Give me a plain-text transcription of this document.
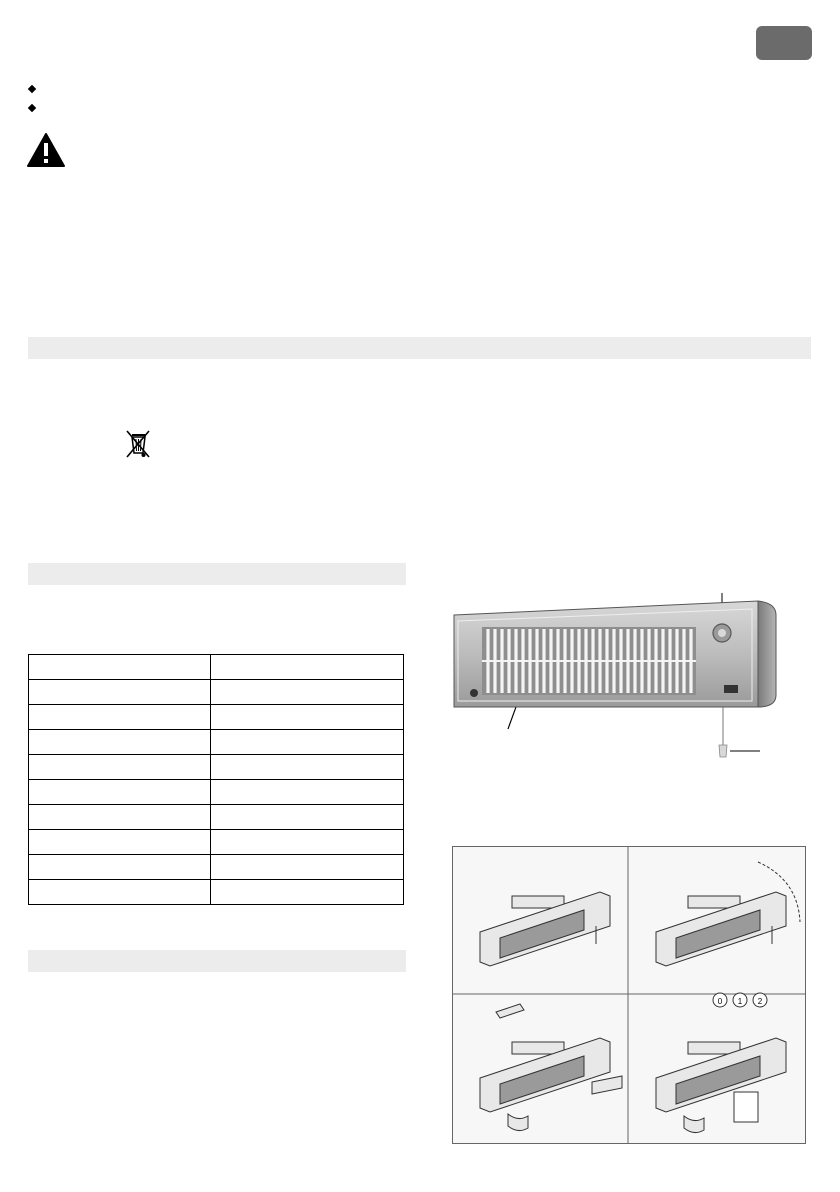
0 1 2
